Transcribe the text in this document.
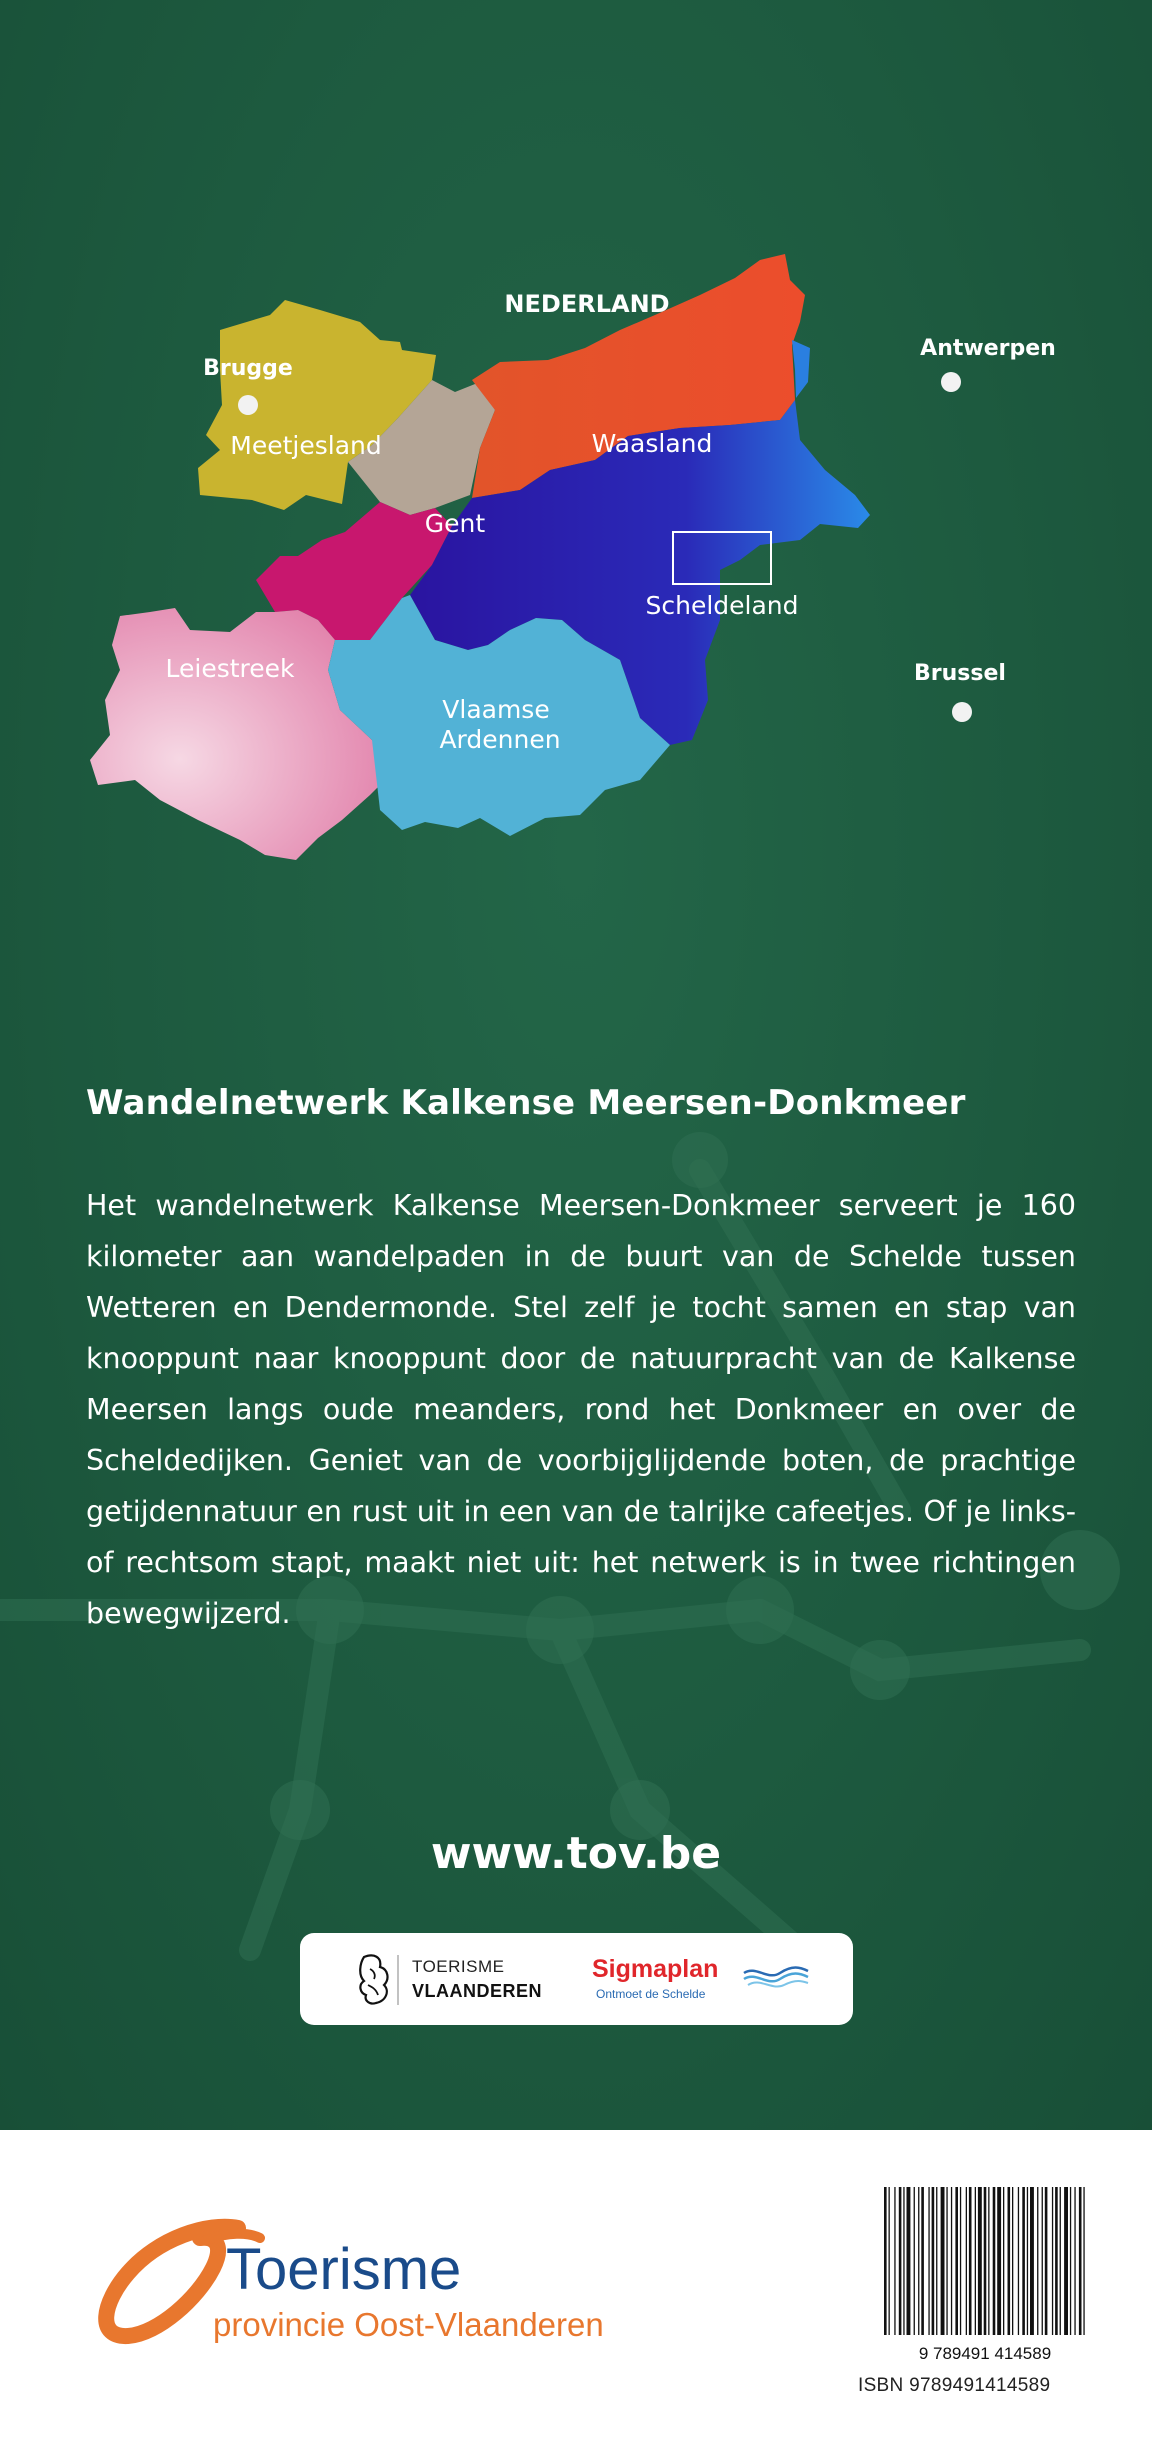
NEDERLAND
Brugge
Antwerpen
Brussel
Meetjesland	Waasland
Gent
Scheldeland
Leiestreek
Vlaamse
Ardennen
Wandelnetwerk Kalkense Meersen-Donkmeer

Het wandelnetwerk Kalkense Meersen-Donkmeer serveert je 160 kilometer aan wandelpaden in de buurt van de Schelde tussen Wetteren en Dendermonde. Stel zelf je tocht samen en stap van knooppunt naar knooppunt door de natuurpracht van de Kalkense Meersen langs oude meanders, rond het Donkmeer en over de Scheldedijken. Geniet van de voorbijglijdende boten, de prachtige getijdennatuur en rust uit in een van de talrijke cafeetjes. Of je links- of rechtsom stapt, maakt niet uit: het netwerk is in twee richtingen bewegwijzerd.

www.tov.be
TOERISME
VLAANDEREN
Sigmaplan
Ontmoet de Schelde
Toerisme
provincie Oost-Vlaanderen
9 789491 414589
ISBN 9789491414589
